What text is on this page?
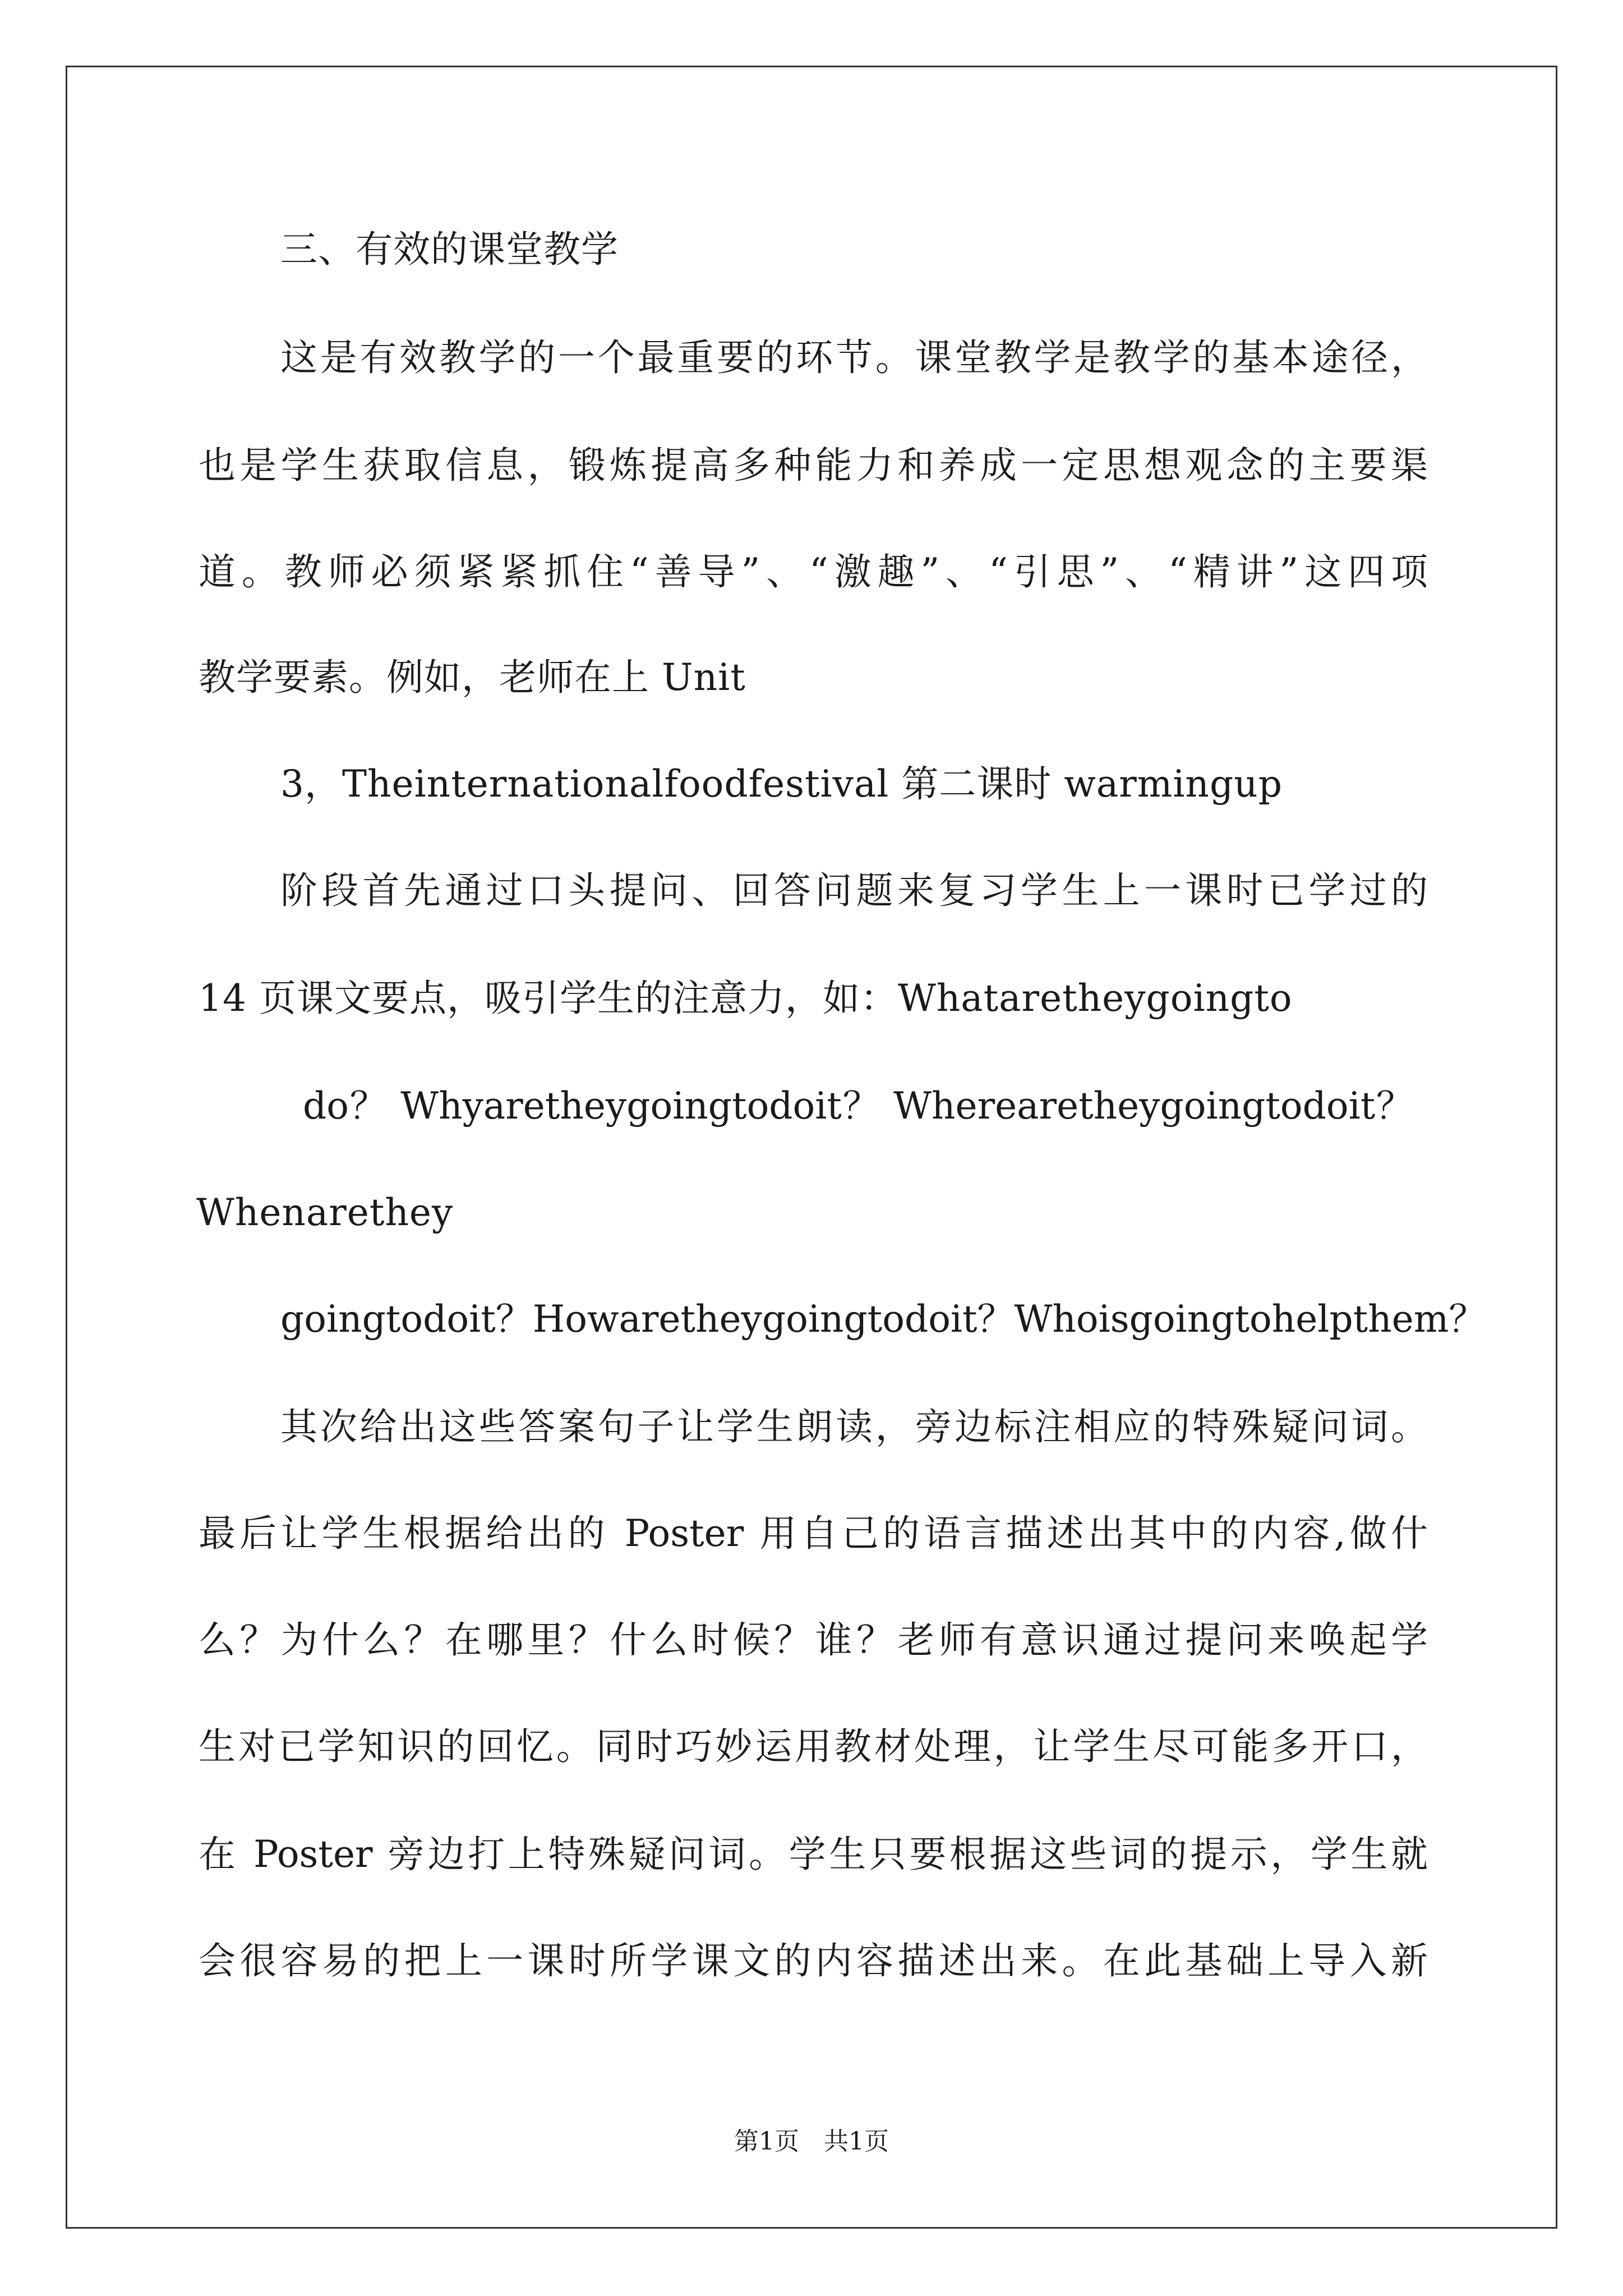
三、有效的课堂教学
这是有效教学的一个最重要的环节。课堂教学是教学的基本途径，
也是学生获取信息，锻炼提高多种能力和养成一定思想观念的主要渠
道。教师必须紧紧抓住“善导”、“激趣”、“引思”、“精讲”这四项
教学要素。例如，老师在上 Unit
3，Theinternationalfoodfestival 第二课时 warmingup
阶段首先通过口头提问、回答问题来复习学生上一课时已学过的
14 页课文要点，吸引学生的注意力，如：Whataretheygoingto
do？ Whyaretheygoingtodoit？ Wherearetheygoingtodoit？
Whenarethey
goingtodoit？Howaretheygoingtodoit？Whoisgoingtohelpthem？
其次给出这些答案句子让学生朗读，旁边标注相应的特殊疑问词。
最后让学生根据给出的 Poster 用自己的语言描述出其中的内容,做什
么？为什么？在哪里？什么时候？谁？老师有意识通过提问来唤起学
生对已学知识的回忆。同时巧妙运用教材处理，让学生尽可能多开口，
在 Poster 旁边打上特殊疑问词。学生只要根据这些词的提示，学生就
会很容易的把上一课时所学课文的内容描述出来。在此基础上导入新
第1页　共1页
